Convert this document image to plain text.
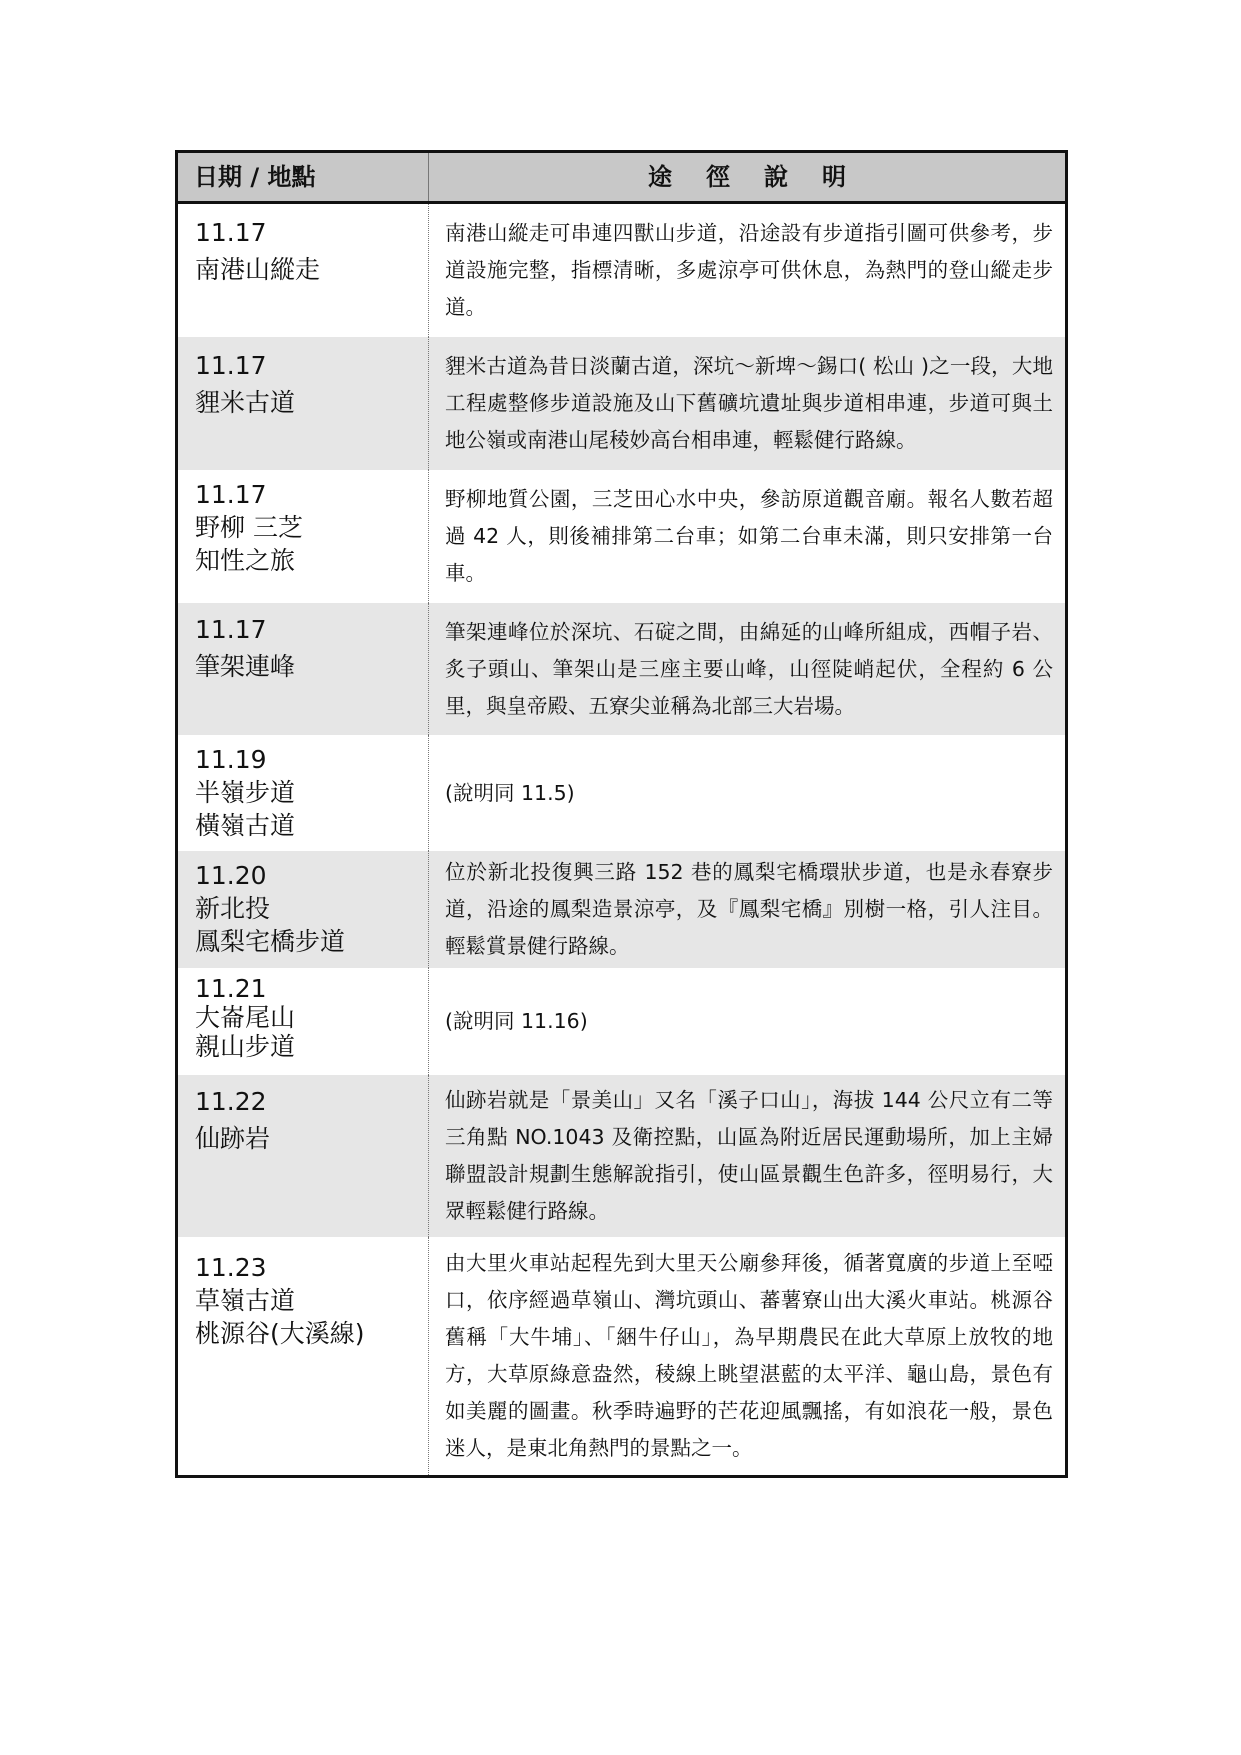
日期 / 地點	途徑說明
11.17
南港山縱走
南港山縱走可串連四獸山步道，沿途設有步道指引圖可供參考，步道設施完整，指標清晰，多處涼亭可供休息，為熱門的登山縱走步道。
11.17
貍米古道
貍米古道為昔日淡蘭古道，深坑～新埤～錫口( 松山 )之一段，大地工程處整修步道設施及山下舊礦坑遺址與步道相串連，步道可與土地公嶺或南港山尾稜妙高台相串連，輕鬆健行路線。
11.17
野柳 三芝
知性之旅
野柳地質公園，三芝田心水中央，參訪原道觀音廟。報名人數若超過 42 人，則後補排第二台車；如第二台車未滿，則只安排第一台車。
11.17
筆架連峰
筆架連峰位於深坑、石碇之間，由綿延的山峰所組成，西帽子岩、炙子頭山、筆架山是三座主要山峰，山徑陡峭起伏，全程約 6 公里，與皇帝殿、五寮尖並稱為北部三大岩場。
11.19
半嶺步道
橫嶺古道
(說明同 11.5)
11.20
新北投
鳳梨宅橋步道
位於新北投復興三路 152 巷的鳳梨宅橋環狀步道，也是永春寮步道，沿途的鳳梨造景涼亭，及『鳳梨宅橋』別樹一格，引人注目。輕鬆賞景健行路線。
11.21
大崙尾山
親山步道
(說明同 11.16)
11.22
仙跡岩
仙跡岩就是「景美山」又名「溪子口山」，海拔 144 公尺立有二等三角點 NO.1043 及衛控點，山區為附近居民運動場所，加上主婦聯盟設計規劃生態解說指引，使山區景觀生色許多，徑明易行，大眾輕鬆健行路線。
11.23
草嶺古道
桃源谷(大溪線)
由大里火車站起程先到大里天公廟參拜後，循著寬廣的步道上至啞口，依序經過草嶺山、灣坑頭山、蕃薯寮山出大溪火車站。桃源谷舊稱「大牛埔」、「綑牛仔山」，為早期農民在此大草原上放牧的地方，大草原綠意盎然，稜線上眺望湛藍的太平洋、龜山島，景色有如美麗的圖畫。秋季時遍野的芒花迎風飄搖，有如浪花一般，景色迷人，是東北角熱門的景點之一。
